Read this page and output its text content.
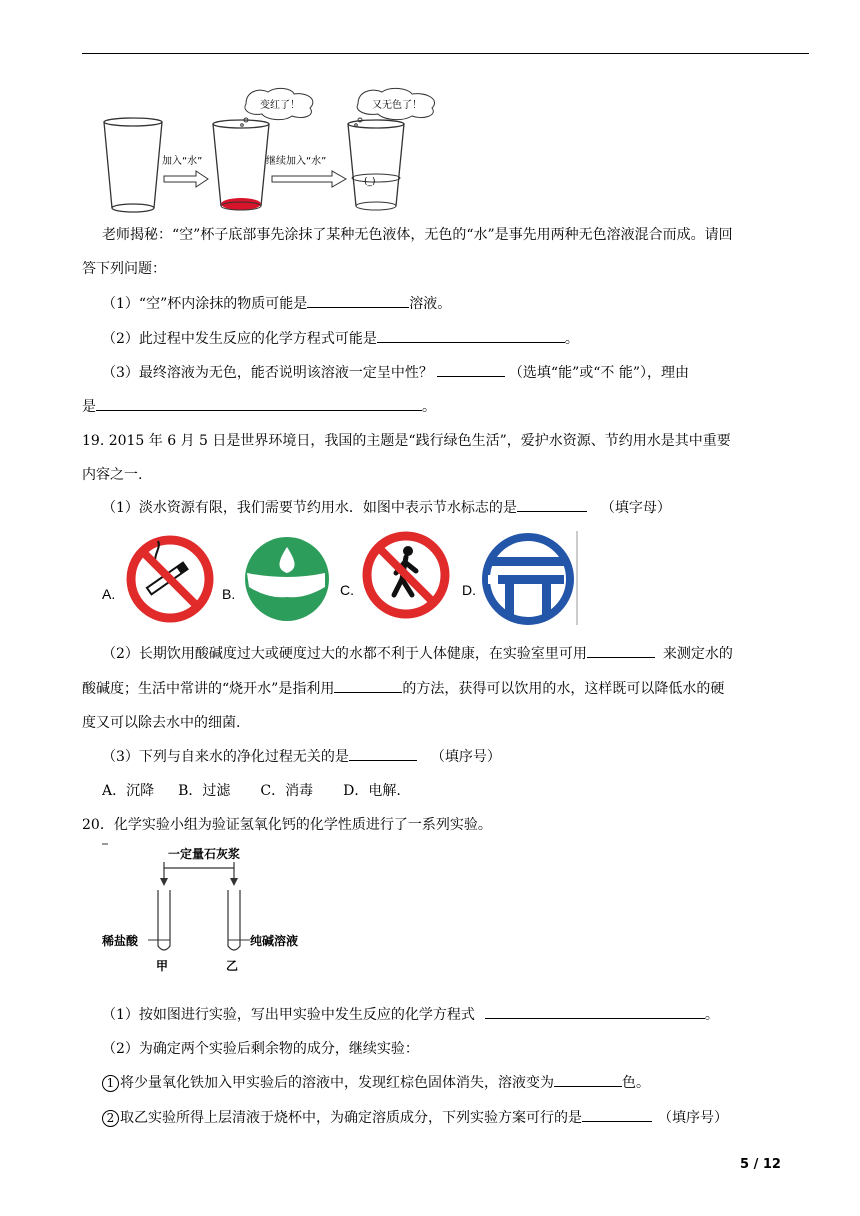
加入“水”
变红了！
继续加入“水”
(_)
又无色了！
老师揭秘：“空”杯子底部事先涂抹了某种无色液体，无色的“水”是事先用两种无色溶液混合而成。请回
答下列问题：
（1）“空”杯内涂抹的物质可能是	溶液。
（2）此过程中发生反应的化学方程式可能是	。
（3）最终溶液为无色，能否说明该溶液一定呈中性？	（选填“能”或“不 能”），理由
是	。
19. 2015 年 6 月 5 日是世界环境日，我国的主题是“践行绿色生活”，爱护水资源、节约用水是其中重要
内容之一.
（1）淡水资源有限，我们需要节约用水．如图中表示节水标志的是	（填字母）
A.	B.	C.	D.
（2）长期饮用酸碱度过大或硬度过大的水都不利于人体健康，在实验室里可用	来测定水的
酸碱度；生活中常讲的“烧开水”是指利用	的方法，获得可以饮用的水，这样既可以降低水的硬
度又可以除去水中的细菌.
（3）下列与自来水的净化过程无关的是	（填序号）
A．沉降 B．过滤 C．消毒 D．电解.
20．化学实验小组为验证氢氧化钙的化学性质进行了一系列实验。
一定量石灰浆
稀盐酸	纯碱溶液
甲	乙
（1）按如图进行实验，写出甲实验中发生反应的化学方程式	。
（2）为确定两个实验后剩余物的成分，继续实验：
1 将少量氧化铁加入甲实验后的溶液中，发现红棕色固体消失，溶液变为	色。
2 取乙实验所得上层清液于烧杯中，为确定溶质成分，下列实验方案可行的是	（填序号）
5 / 12
